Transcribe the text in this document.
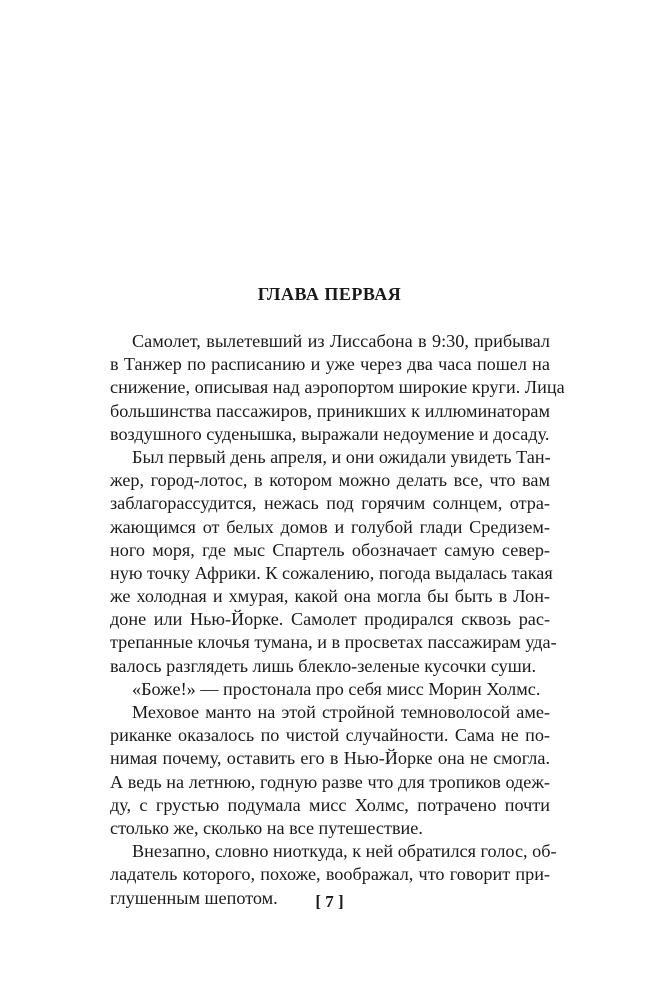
ГЛАВА ПЕРВАЯ
Самолет, вылетевший из Лиссабона в 9:30, прибывал
в Танжер по расписанию и уже через два часа пошел на
снижение, описывая над аэропортом широкие круги. Лица
большинства пассажиров, приникших к иллюминаторам
воздушного суденышка, выражали недоумение и досаду.
Был первый день апреля, и они ожидали увидеть Тан-
жер, город-лотос, в котором можно делать все, что вам
заблагорассудится, нежась под горячим солнцем, отра-
жающимся от белых домов и голубой глади Средизем-
ного моря, где мыс Спартель обозначает самую север-
ную точку Африки. К сожалению, погода выдалась такая
же холодная и хмурая, какой она могла бы быть в Лон-
доне или Нью-Йорке. Самолет продирался сквозь рас-
трепанные клочья тумана, и в просветах пассажирам уда-
валось разглядеть лишь блекло-зеленые кусочки суши.
«Боже!» — простонала про себя мисс Морин Холмс.
Меховое манто на этой стройной темноволосой аме-
риканке оказалось по чистой случайности. Сама не по-
нимая почему, оставить его в Нью-Йорке она не смогла.
А ведь на летнюю, годную разве что для тропиков одеж-
ду, с грустью подумала мисс Холмс, потрачено почти
столько же, сколько на все путешествие.
Внезапно, словно ниоткуда, к ней обратился голос, об-
ладатель которого, похоже, воображал, что говорит при-
глушенным шепотом.	[ 7 ]
